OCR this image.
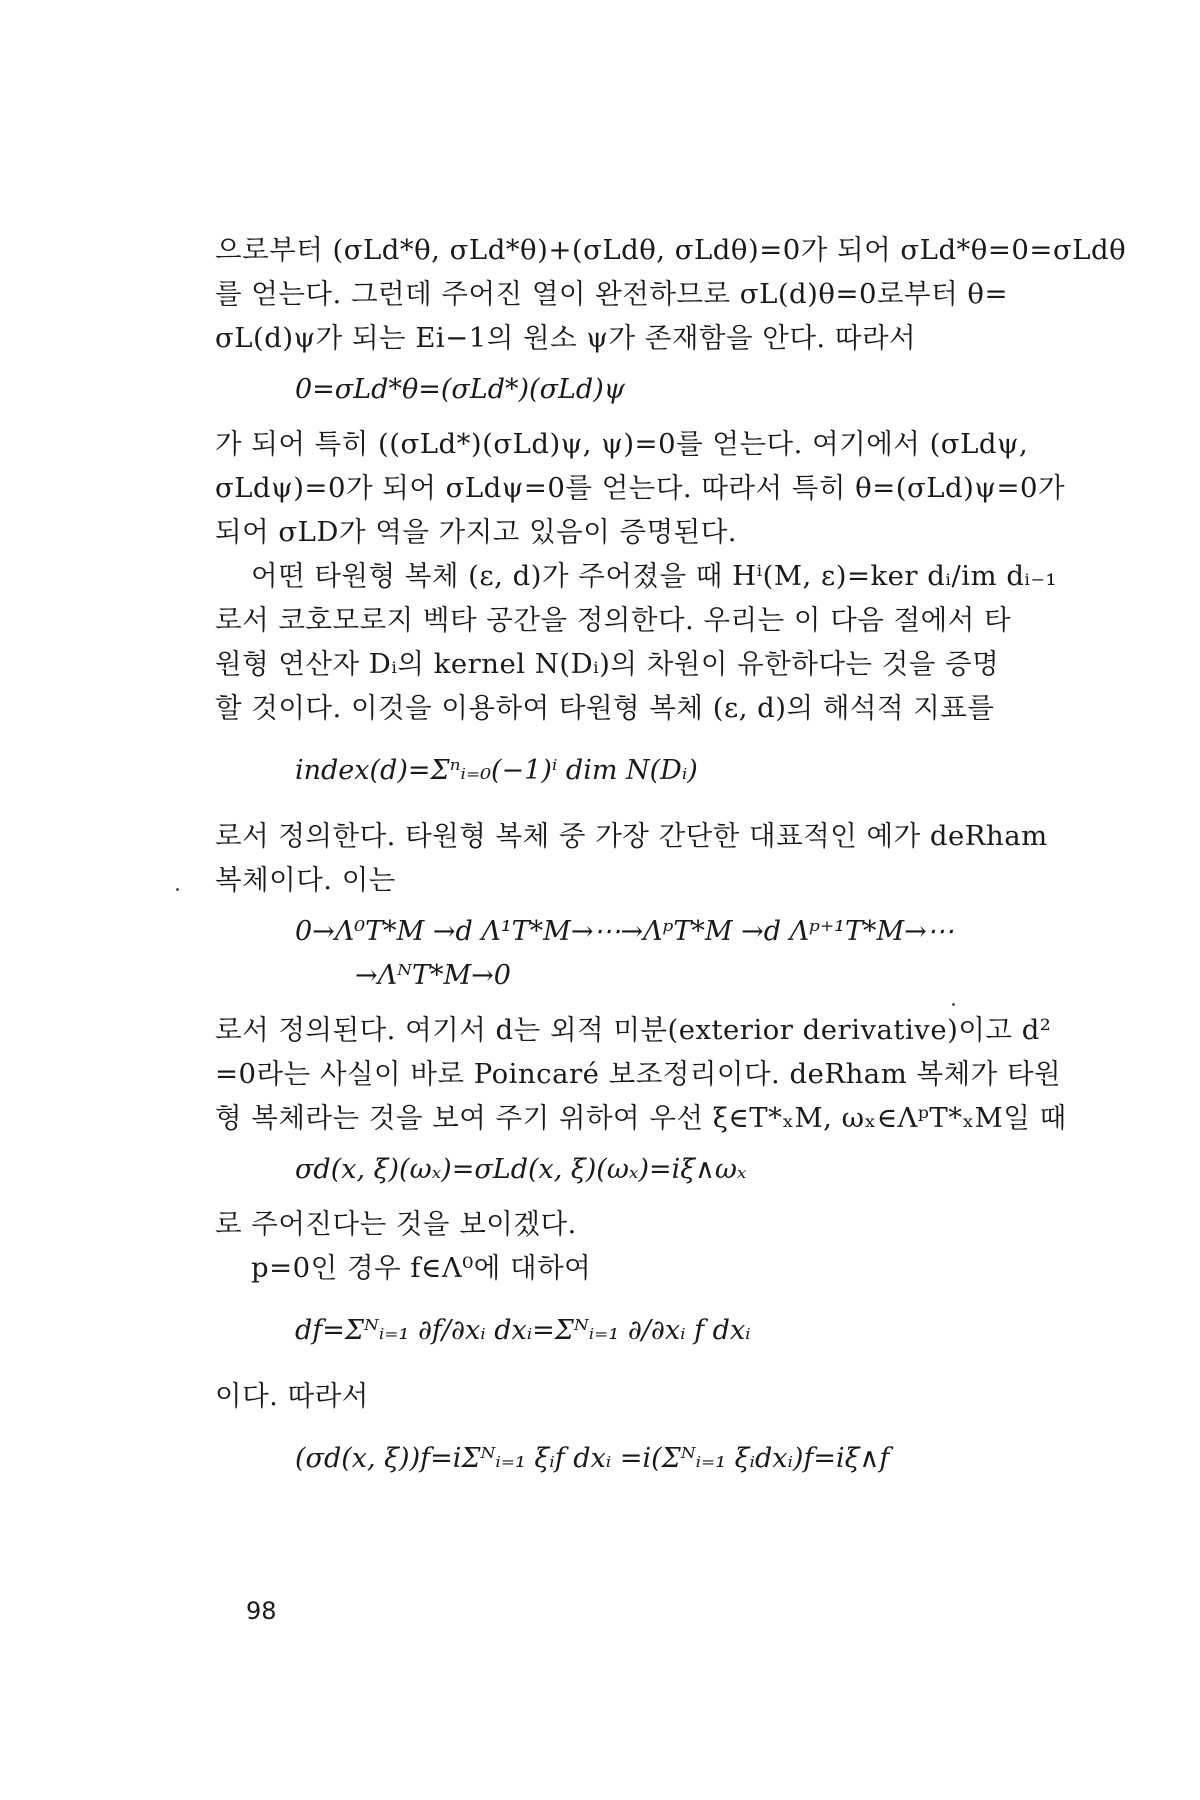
으로부터 (σLd*θ, σLd*θ)+(σLdθ, σLdθ)=0가 되어 σLd*θ=0=σLdθ
를 얻는다. 그런데 주어진 열이 완전하므로 σL(d)θ=0로부터 θ=
σL(d)ψ가 되는 Ei−1의 원소 ψ가 존재함을 안다. 따라서
0=σLd*θ=(σLd*)(σLd)ψ
가 되어 특히 ((σLd*)(σLd)ψ, ψ)=0를 얻는다. 여기에서 (σLdψ,
σLdψ)=0가 되어 σLdψ=0를 얻는다. 따라서 특히 θ=(σLd)ψ=0가
되어 σLD가 역을 가지고 있음이 증명된다.
어떤 타원형 복체 (ε, d)가 주어졌을 때 Hⁱ(M, ε)=ker dᵢ/im dᵢ₋₁
로서 코호모로지 벡타 공간을 정의한다. 우리는 이 다음 절에서 타
원형 연산자 Dᵢ의 kernel N(Dᵢ)의 차원이 유한하다는 것을 증명
할 것이다. 이것을 이용하여 타원형 복체 (ε, d)의 해석적 지표를
index(d)=Σⁿᵢ₌₀(−1)ⁱ dim N(Dᵢ)
로서 정의한다. 타원형 복체 중 가장 간단한 대표적인 예가 deRham
복체이다. 이는
0→Λ⁰T*M →d Λ¹T*M→⋯→ΛᵖT*M →d Λᵖ⁺¹T*M→⋯
→ΛᴺT*M→0
로서 정의된다. 여기서 d는 외적 미분(exterior derivative)이고 d²
=0라는 사실이 바로 Poincaré 보조정리이다. deRham 복체가 타원
형 복체라는 것을 보여 주기 위하여 우선 ξ∈T*ₓM, ωₓ∈ΛᵖT*ₓM일 때
σd(x, ξ)(ωₓ)=σLd(x, ξ)(ωₓ)=iξ∧ωₓ
로 주어진다는 것을 보이겠다.
p=0인 경우 f∈Λ⁰에 대하여
df=Σᴺᵢ₌₁ ∂f/∂xᵢ dxᵢ=Σᴺᵢ₌₁ ∂/∂xᵢ f dxᵢ
이다. 따라서
(σd(x, ξ))f=iΣᴺᵢ₌₁ ξᵢf dxᵢ =i(Σᴺᵢ₌₁ ξᵢdxᵢ)f=iξ∧f
98
